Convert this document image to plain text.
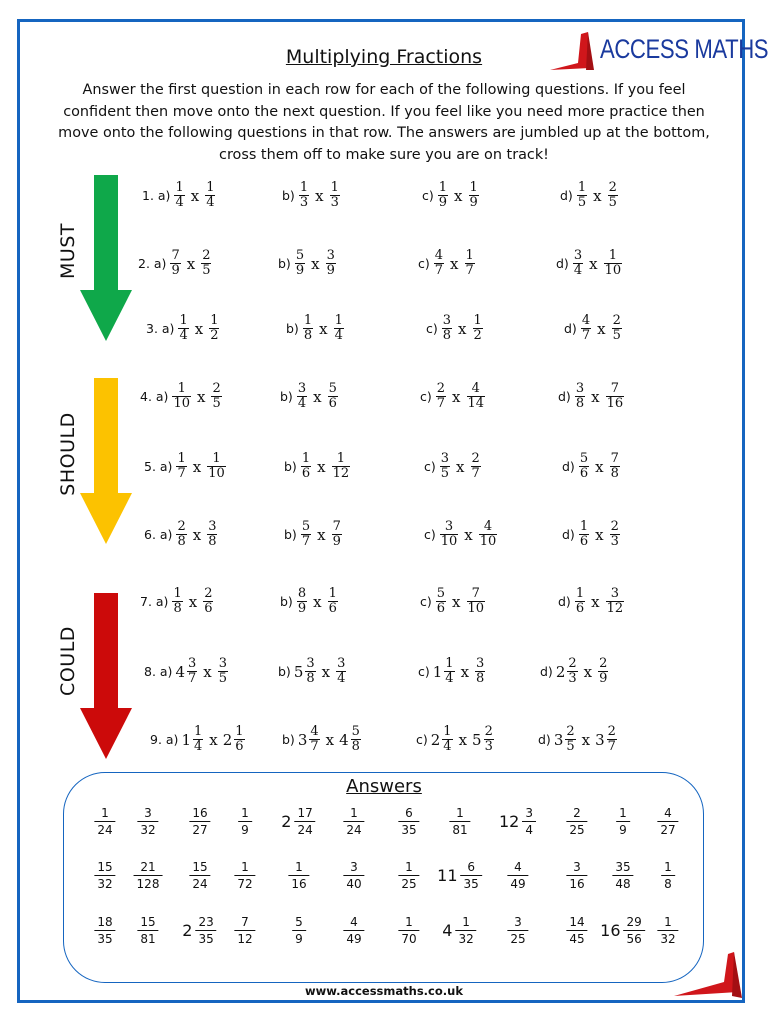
Multiplying Fractions	ACCESS MATHS
Answer the first question in each row for each of the following questions. If you feel confident then move onto the next question. If you feel like you need more practice then move onto the following questions in that row. The answers are jumbled up at the bottom, cross them off to make sure you are on track!
MUST
SHOULD
COULD
1. $a) \frac{1}{4}$ x $\frac{1}{4}$	$b) \frac{1}{3}$ x $\frac{1}{3}$	$c) \frac{1}{9}$ x $\frac{1}{9}$	$d) \frac{1}{5}$ x $\frac{2}{5}$
2. $a) \frac{7}{9}$ x $\frac{2}{5}$	$b) \frac{5}{9}$ x $\frac{3}{9}$	$c) \frac{4}{7}$ x $\frac{1}{7}$	$d) \frac{3}{4}$ x $\frac{1}{10}$
3. $a) \frac{1}{4}$ x $\frac{1}{2}$	$b) \frac{1}{8}$ x $\frac{1}{4}$	$c) \frac{3}{8}$ x $\frac{1}{2}$	$d) \frac{4}{7}$ x $\frac{2}{5}$
4. $a) \frac{1}{10}$ x $\frac{2}{5}$	$b) \frac{3}{4}$ x $\frac{5}{6}$	$c) \frac{2}{7}$ x $\frac{4}{14}$	$d) \frac{3}{8}$ x $\frac{7}{16}$
5. $a) \frac{1}{7}$ x $\frac{1}{10}$	$b) \frac{1}{6}$ x $\frac{1}{12}$	$c) \frac{3}{5}$ x $\frac{2}{7}$	$d) \frac{5}{6}$ x $\frac{7}{8}$
6. $a) \frac{2}{8}$ x $\frac{3}{8}$	$b) \frac{5}{7}$ x $\frac{7}{9}$	$c) \frac{3}{10}$ x $\frac{4}{10}$	$d) \frac{1}{6}$ x $\frac{2}{3}$
7. $a) \frac{1}{8}$ x $\frac{2}{6}$	$b) \frac{8}{9}$ x $\frac{1}{6}$	$c) \frac{5}{6}$ x $\frac{7}{10}$	$d) \frac{1}{6}$ x $\frac{3}{12}$
8. a) $4 \frac{3}{7}$ x $\frac{3}{5}$	b) $5 \frac{3}{8}$ x $\frac{3}{4}$	c) $1 \frac{1}{4}$ x $\frac{3}{8}$	d) $2 \frac{2}{3}$ x $\frac{2}{9}$
9. a) $1 \frac{1}{4}$ x $2 \frac{1}{6}$	b) $3 \frac{4}{7}$ x $4 \frac{5}{8}$	c) $2 \frac{1}{4}$ x $5 \frac{2}{3}$	d) $3 \frac{2}{5}$ x $3 \frac{2}{7}$
Answers
$\frac{1}{24} \frac{3}{32}$	$\frac{16}{27} \frac{1}{9} 2 \frac{17}{24} \frac{1}{24}$	$\frac{6}{35} \frac{1}{81} 12 \frac{3}{4}$	$\frac{2}{25} \frac{1}{9} \frac{4}{27}$
$\frac{15}{32} \frac{21}{128} \frac{15}{24} \frac{1}{72}$	$\frac{1}{16}$	$\frac{3}{40}$	$\frac{1}{25} 11 \frac{6}{35} \frac{4}{49}$	$\frac{3}{16} \frac{35}{48} \frac{1}{8}$
$\frac{18}{35} \frac{15}{81} 2 \frac{23}{35} \frac{7}{12}$	$\frac{5}{9}$	$\frac{4}{49}$	$\frac{1}{70} 4 \frac{1}{32}$	$\frac{3}{25}$	$\frac{14}{45} 16 \frac{29}{56} \frac{1}{32}$
www.accessmaths.co.uk
